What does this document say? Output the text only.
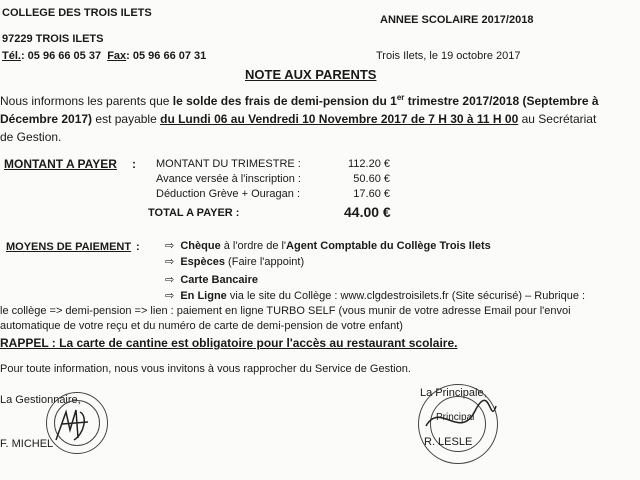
COLLEGE DES TROIS ILETS
97229 TROIS ILETS
Tél.: 05 96 66 05 37 Fax: 05 96 66 07 31
ANNEE SCOLAIRE 2017/2018
Trois Ilets, le 19 octobre 2017
NOTE AUX PARENTS
Nous informons les parents que le solde des frais de demi-pension du 1er trimestre 2017/2018 (Septembre à
Décembre 2017) est payable du Lundi 06 au Vendredi 10 Novembre 2017 de 7 H 30 à 11 H 00 au Secrétariat
de Gestion.
MONTANT A PAYER : MONTANT DU TRIMESTRE :	112.20 €
Avance versée à l'inscription :	50.60 €
Déduction Grève + Ouragan :	17.60 €
TOTAL A PAYER :	44.00 €
MOYENS DE PAIEMENT : ⇨ Chèque à l'ordre de l'Agent Comptable du Collège Trois Ilets
⇨ Espèces (Faire l'appoint)
⇨ Carte Bancaire
⇨ En Ligne via le site du Collège : www.clgdestroisilets.fr (Site sécurisé) – Rubrique :
le collège => demi-pension => lien : paiement en ligne TURBO SELF (vous munir de votre adresse Email pour l'envoi
automatique de votre reçu et du numéro de carte de demi-pension de votre enfant)
RAPPEL : La carte de cantine est obligatoire pour l'accès au restaurant scolaire.
Pour toute information, nous vous invitons à vous rapprocher du Service de Gestion.
La Gestionnaire,
F. MICHEL
La Principale,
Principal
R. LESLE
